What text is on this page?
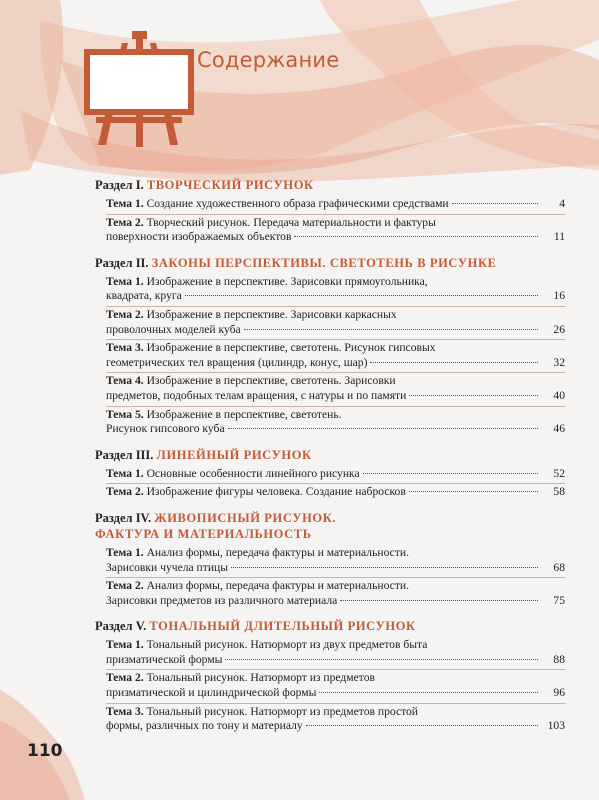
Содержание
Раздел I. ТВОРЧЕСКИЙ РИСУНОК
Тема 1. Создание художественного образа графическими средствами	4
Тема 2. Творческий рисунок. Передача материальности и фактуры
поверхности изображаемых объектов	11
Раздел II. ЗАКОНЫ ПЕРСПЕКТИВЫ. СВЕТОТЕНЬ В РИСУНКЕ
Тема 1. Изображение в перспективе. Зарисовки прямоугольника,
квадрата, круга	16
Тема 2. Изображение в перспективе. Зарисовки каркасных
проволочных моделей куба	26
Тема 3. Изображение в перспективе, светотень. Рисунок гипсовых
геометрических тел вращения (цилиндр, конус, шар)	32
Тема 4. Изображение в перспективе, светотень. Зарисовки
предметов, подобных телам вращения, с натуры и по памяти	40
Тема 5. Изображение в перспективе, светотень.
Рисунок гипсового куба	46
Раздел III. ЛИНЕЙНЫЙ РИСУНОК
Тема 1. Основные особенности линейного рисунка	52
Тема 2. Изображение фигуры человека. Создание набросков	58
Раздел IV. ЖИВОПИСНЫЙ РИСУНОК.
ФАКТУРА И МАТЕРИАЛЬНОСТЬ
Тема 1. Анализ формы, передача фактуры и материальности.
Зарисовки чучела птицы	68
Тема 2. Анализ формы, передача фактуры и материальности.
Зарисовки предметов из различного материала	75
Раздел V. ТОНАЛЬНЫЙ ДЛИТЕЛЬНЫЙ РИСУНОК
Тема 1. Тональный рисунок. Натюрморт из двух предметов быта
призматической формы	88
Тема 2. Тональный рисунок. Натюрморт из предметов
призматической и цилиндрической формы	96
Тема 3. Тональный рисунок. Натюрморт из предметов простой
формы, различных по тону и материалу	103
110
